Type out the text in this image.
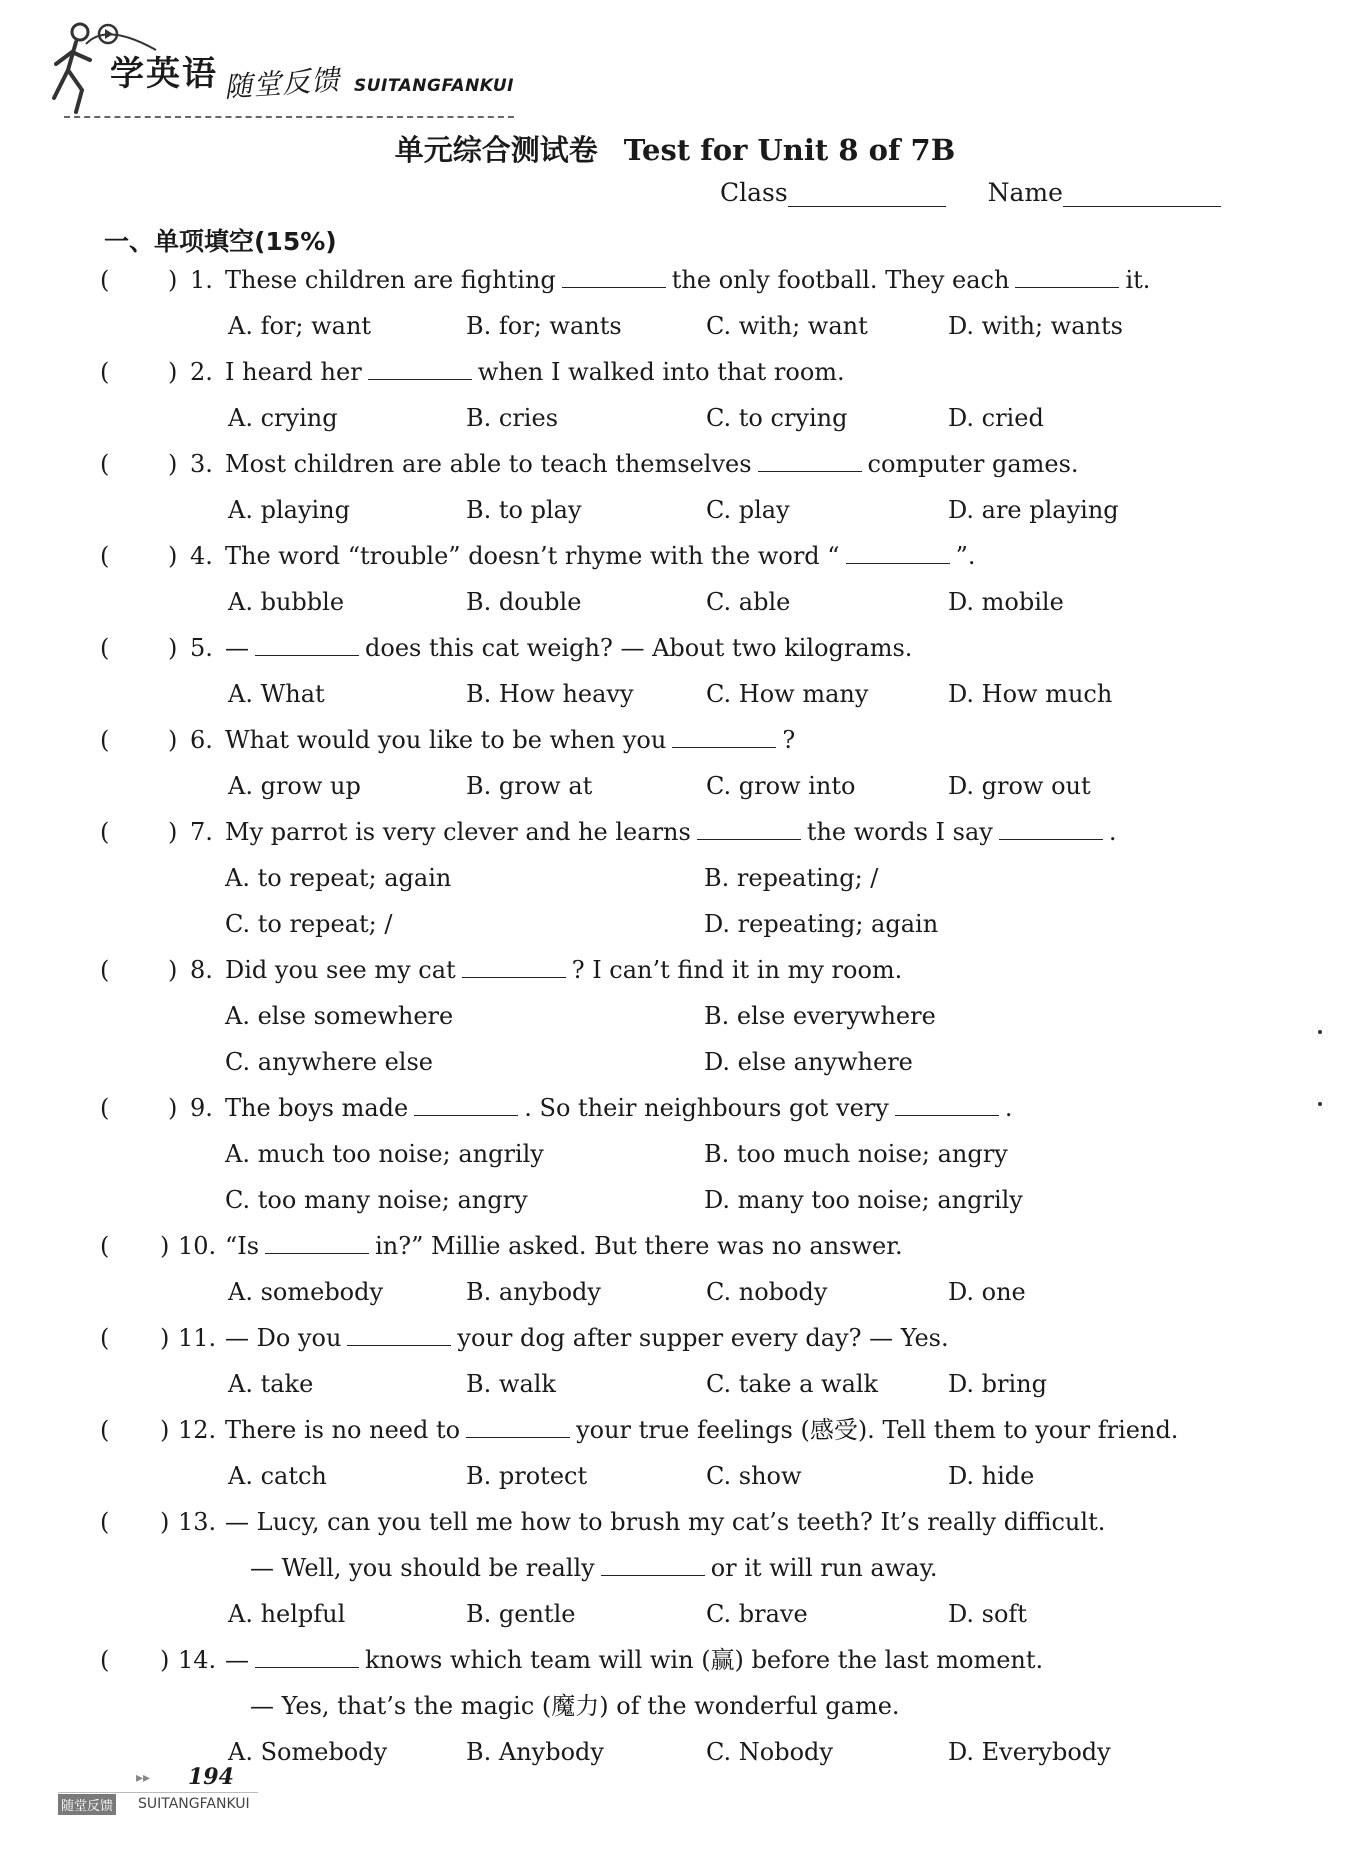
学英语 随堂反馈 SUITANGFANKUI
单元综合测试卷 Test for Unit 8 of 7B
Class	Name
一、单项填空(15%)
( ) 1. These children are fighting	the only football. They each	it.
A. for; want	B. for; wants	C. with; want	D. with; wants
( ) 2. I heard her	when I walked into that room.
A. crying	B. cries	C. to crying	D. cried
( ) 3. Most children are able to teach themselves	computer games.
A. playing	B. to play	C. play	D. are playing
( ) 4. The word “trouble” doesn’t rhyme with the word “	”.
A. bubble	B. double	C. able	D. mobile
( ) 5. —	does this cat weigh? — About two kilograms.
A. What	B. How heavy	C. How many	D. How much
( ) 6. What would you like to be when you	?
A. grow up	B. grow at	C. grow into	D. grow out
( ) 7. My parrot is very clever and he learns	the words I say	.
A. to repeat; again	B. repeating; /
C. to repeat; /	D. repeating; again
( ) 8. Did you see my cat	? I can’t find it in my room.
A. else somewhere	B. else everywhere
C. anywhere else	D. else anywhere
( ) 9. The boys made	. So their neighbours got very	.
A. much too noise; angrily	B. too much noise; angry
C. too many noise; angry	D. many too noise; angrily
( ) 10. “Is	in?” Millie asked. But there was no answer.
A. somebody	B. anybody	C. nobody	D. one
( ) 11. — Do you	your dog after supper every day? — Yes.
A. take	B. walk	C. take a walk	D. bring
( ) 12. There is no need to	your true feelings (感受). Tell them to your friend.
A. catch	B. protect	C. show	D. hide
( ) 13. — Lucy, can you tell me how to brush my cat’s teeth? It’s really difficult.
— Well, you should be really	or it will run away.
A. helpful	B. gentle	C. brave	D. soft
( ) 14. —	knows which team will win (赢) before the last moment.
— Yes, that’s the magic (魔力) of the wonderful game.
A. Somebody	B. Anybody	C. Nobody	D. Everybody
▸▸ 194
随堂反馈 SUITANGFANKUI
